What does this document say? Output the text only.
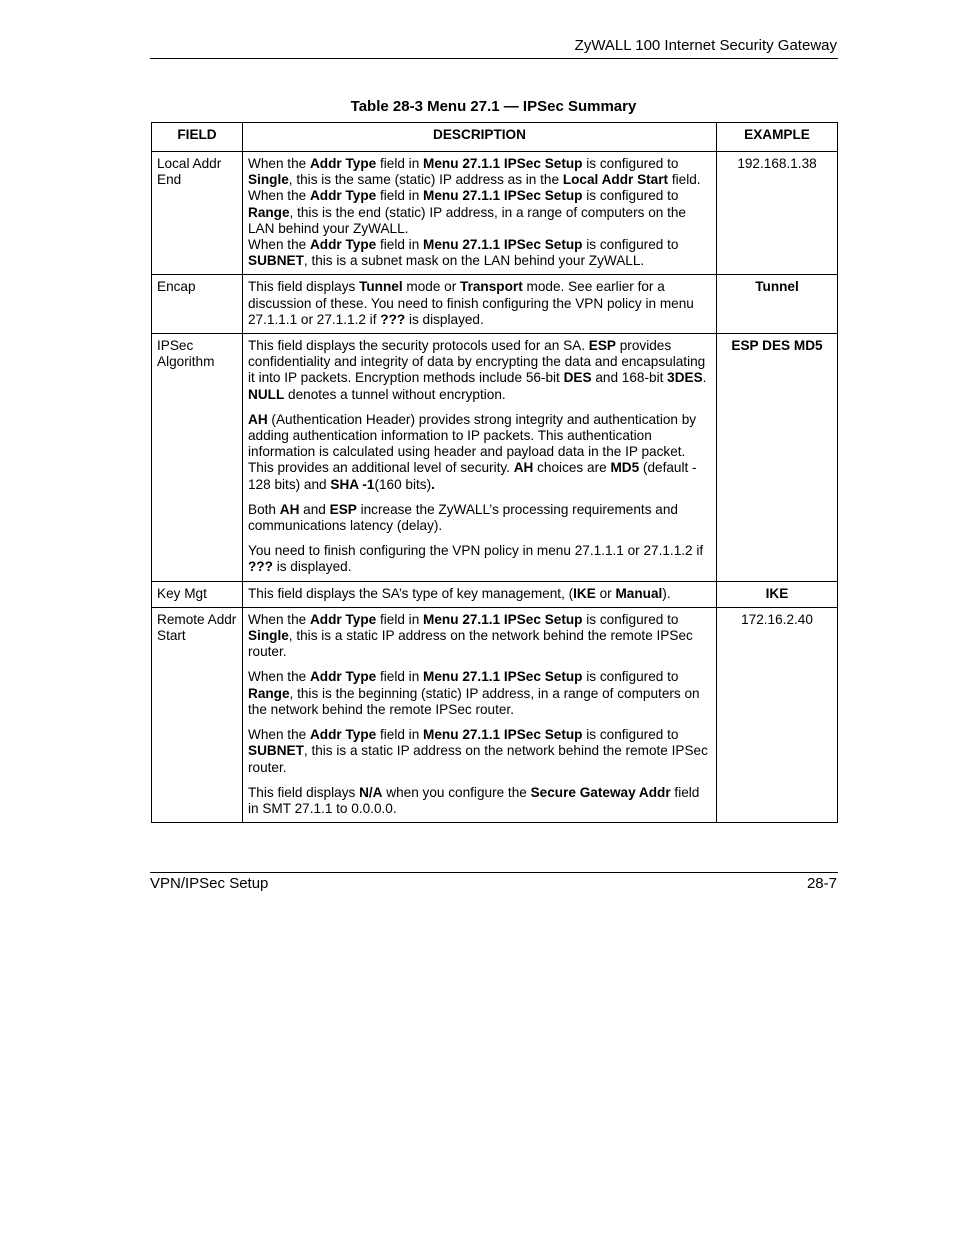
ZyWALL 100 Internet Security Gateway
Table 28-3 Menu 27.1 — IPSec Summary
FIELD	DESCRIPTION	EXAMPLE
Local Addr End	When the Addr Type field in Menu 27.1.1 IPSec Setup is configured to Single, this is the same (static) IP address as in the Local Addr Start field.

When the Addr Type field in Menu 27.1.1 IPSec Setup is configured to Range, this is the end (static) IP address, in a range of computers on the LAN behind your ZyWALL.

When the Addr Type field in Menu 27.1.1 IPSec Setup is configured to SUBNET, this is a subnet mask on the LAN behind your ZyWALL.	192.168.1.38
Encap	This field displays Tunnel mode or Transport mode. See earlier for a discussion of these. You need to finish configuring the VPN policy in menu 27.1.1.1 or 27.1.1.2 if ??? is displayed.	Tunnel
IPSec Algorithm	This field displays the security protocols used for an SA. ESP provides confidentiality and integrity of data by encrypting the data and encapsulating it into IP packets. Encryption methods include 56-bit DES and 168-bit 3DES. NULL denotes a tunnel without encryption.

AH (Authentication Header) provides strong integrity and authentication by adding authentication information to IP packets. This authentication information is calculated using header and payload data in the IP packet. This provides an additional level of security. AH choices are MD5 (default - 128 bits) and SHA -1(160 bits).

Both AH and ESP increase the ZyWALL’s processing requirements and communications latency (delay).

You need to finish configuring the VPN policy in menu 27.1.1.1 or 27.1.1.2 if ??? is displayed.	ESP DES MD5
Key Mgt	This field displays the SA’s type of key management, (IKE or Manual).	IKE
Remote Addr Start	When the Addr Type field in Menu 27.1.1 IPSec Setup is configured to Single, this is a static IP address on the network behind the remote IPSec router.

When the Addr Type field in Menu 27.1.1 IPSec Setup is configured to Range, this is the beginning (static) IP address, in a range of computers on the network behind the remote IPSec router.

When the Addr Type field in Menu 27.1.1 IPSec Setup is configured to SUBNET, this is a static IP address on the network behind the remote IPSec router.

This field displays N/A when you configure the Secure Gateway Addr field in SMT 27.1.1 to 0.0.0.0.	172.16.2.40
VPN/IPSec Setup	28-7
